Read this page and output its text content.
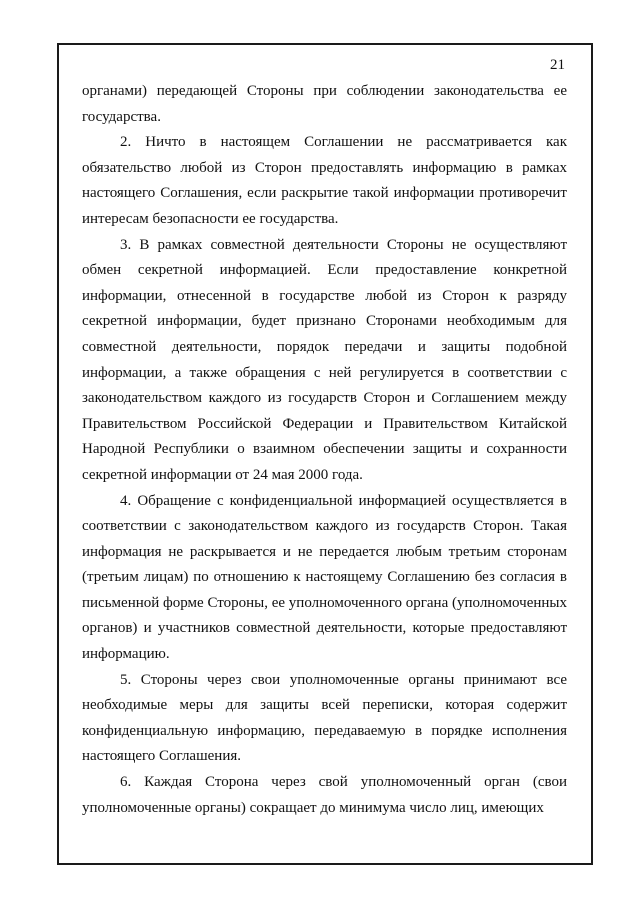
21

органами) передающей Стороны при соблюдении законодательства ее государства.

2. Ничто в настоящем Соглашении не рассматривается как обязательство любой из Сторон предоставлять информацию в рамках настоящего Соглашения, если раскрытие такой информации противоречит интересам безопасности ее государства.

3. В рамках совместной деятельности Стороны не осуществляют обмен секретной информацией. Если предоставление конкретной информации, отнесенной в государстве любой из Сторон к разряду секретной информации, будет признано Сторонами необходимым для совместной деятельности, порядок передачи и защиты подобной информации, а также обращения с ней регулируется в соответствии с законодательством каждого из государств Сторон и Соглашением между Правительством Российской Федерации и Правительством Китайской Народной Республики о взаимном обеспечении защиты и сохранности секретной информации от 24 мая 2000 года.

4. Обращение с конфиденциальной информацией осуществляется в соответствии с законодательством каждого из государств Сторон. Такая информация не раскрывается и не передается любым третьим сторонам (третьим лицам) по отношению к настоящему Соглашению без согласия в письменной форме Стороны, ее уполномоченного органа (уполномоченных органов) и участников совместной деятельности, которые предоставляют информацию.

5. Стороны через свои уполномоченные органы принимают все необходимые меры для защиты всей переписки, которая содержит конфиденциальную информацию, передаваемую в порядке исполнения настоящего Соглашения.

6. Каждая Сторона через свой уполномоченный орган (свои уполномоченные органы) сокращает до минимума число лиц, имеющих
